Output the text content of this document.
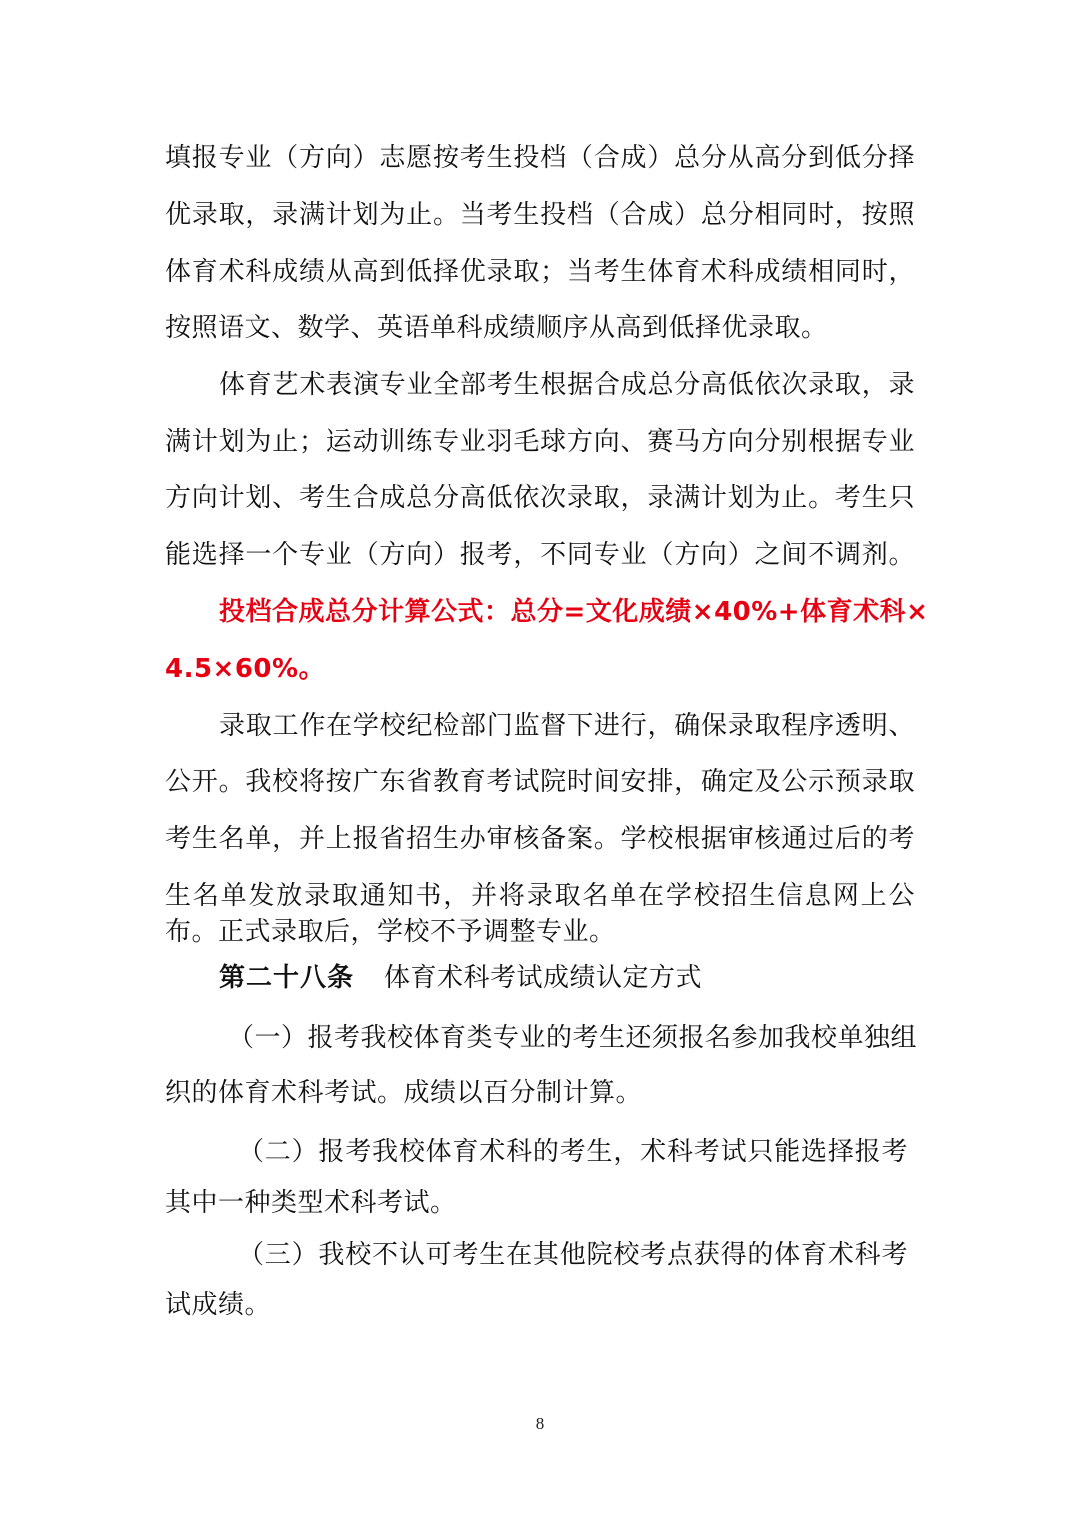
填报专业（方向）志愿按考生投档（合成）总分从高分到低分择
优录取，录满计划为止。当考生投档（合成）总分相同时，按照
体育术科成绩从高到低择优录取；当考生体育术科成绩相同时，
按照语文、数学、英语单科成绩顺序从高到低择优录取。
体育艺术表演专业全部考生根据合成总分高低依次录取，录
满计划为止；运动训练专业羽毛球方向、赛马方向分别根据专业
方向计划、考生合成总分高低依次录取，录满计划为止。考生只
能选择一个专业（方向）报考，不同专业（方向）之间不调剂。
投档合成总分计算公式：总分=文化成绩×40%+体育术科×
4.5×60%。
录取工作在学校纪检部门监督下进行，确保录取程序透明、
公开。我校将按广东省教育考试院时间安排，确定及公示预录取
考生名单，并上报省招生办审核备案。学校根据审核通过后的考
生名单发放录取通知书，并将录取名单在学校招生信息网上公
布。正式录取后，学校不予调整专业。
第二十八条 体育术科考试成绩认定方式
（一）报考我校体育类专业的考生还须报名参加我校单独组
织的体育术科考试。成绩以百分制计算。
（二）报考我校体育术科的考生，术科考试只能选择报考
其中一种类型术科考试。
（三）我校不认可考生在其他院校考点获得的体育术科考
试成绩。
8
